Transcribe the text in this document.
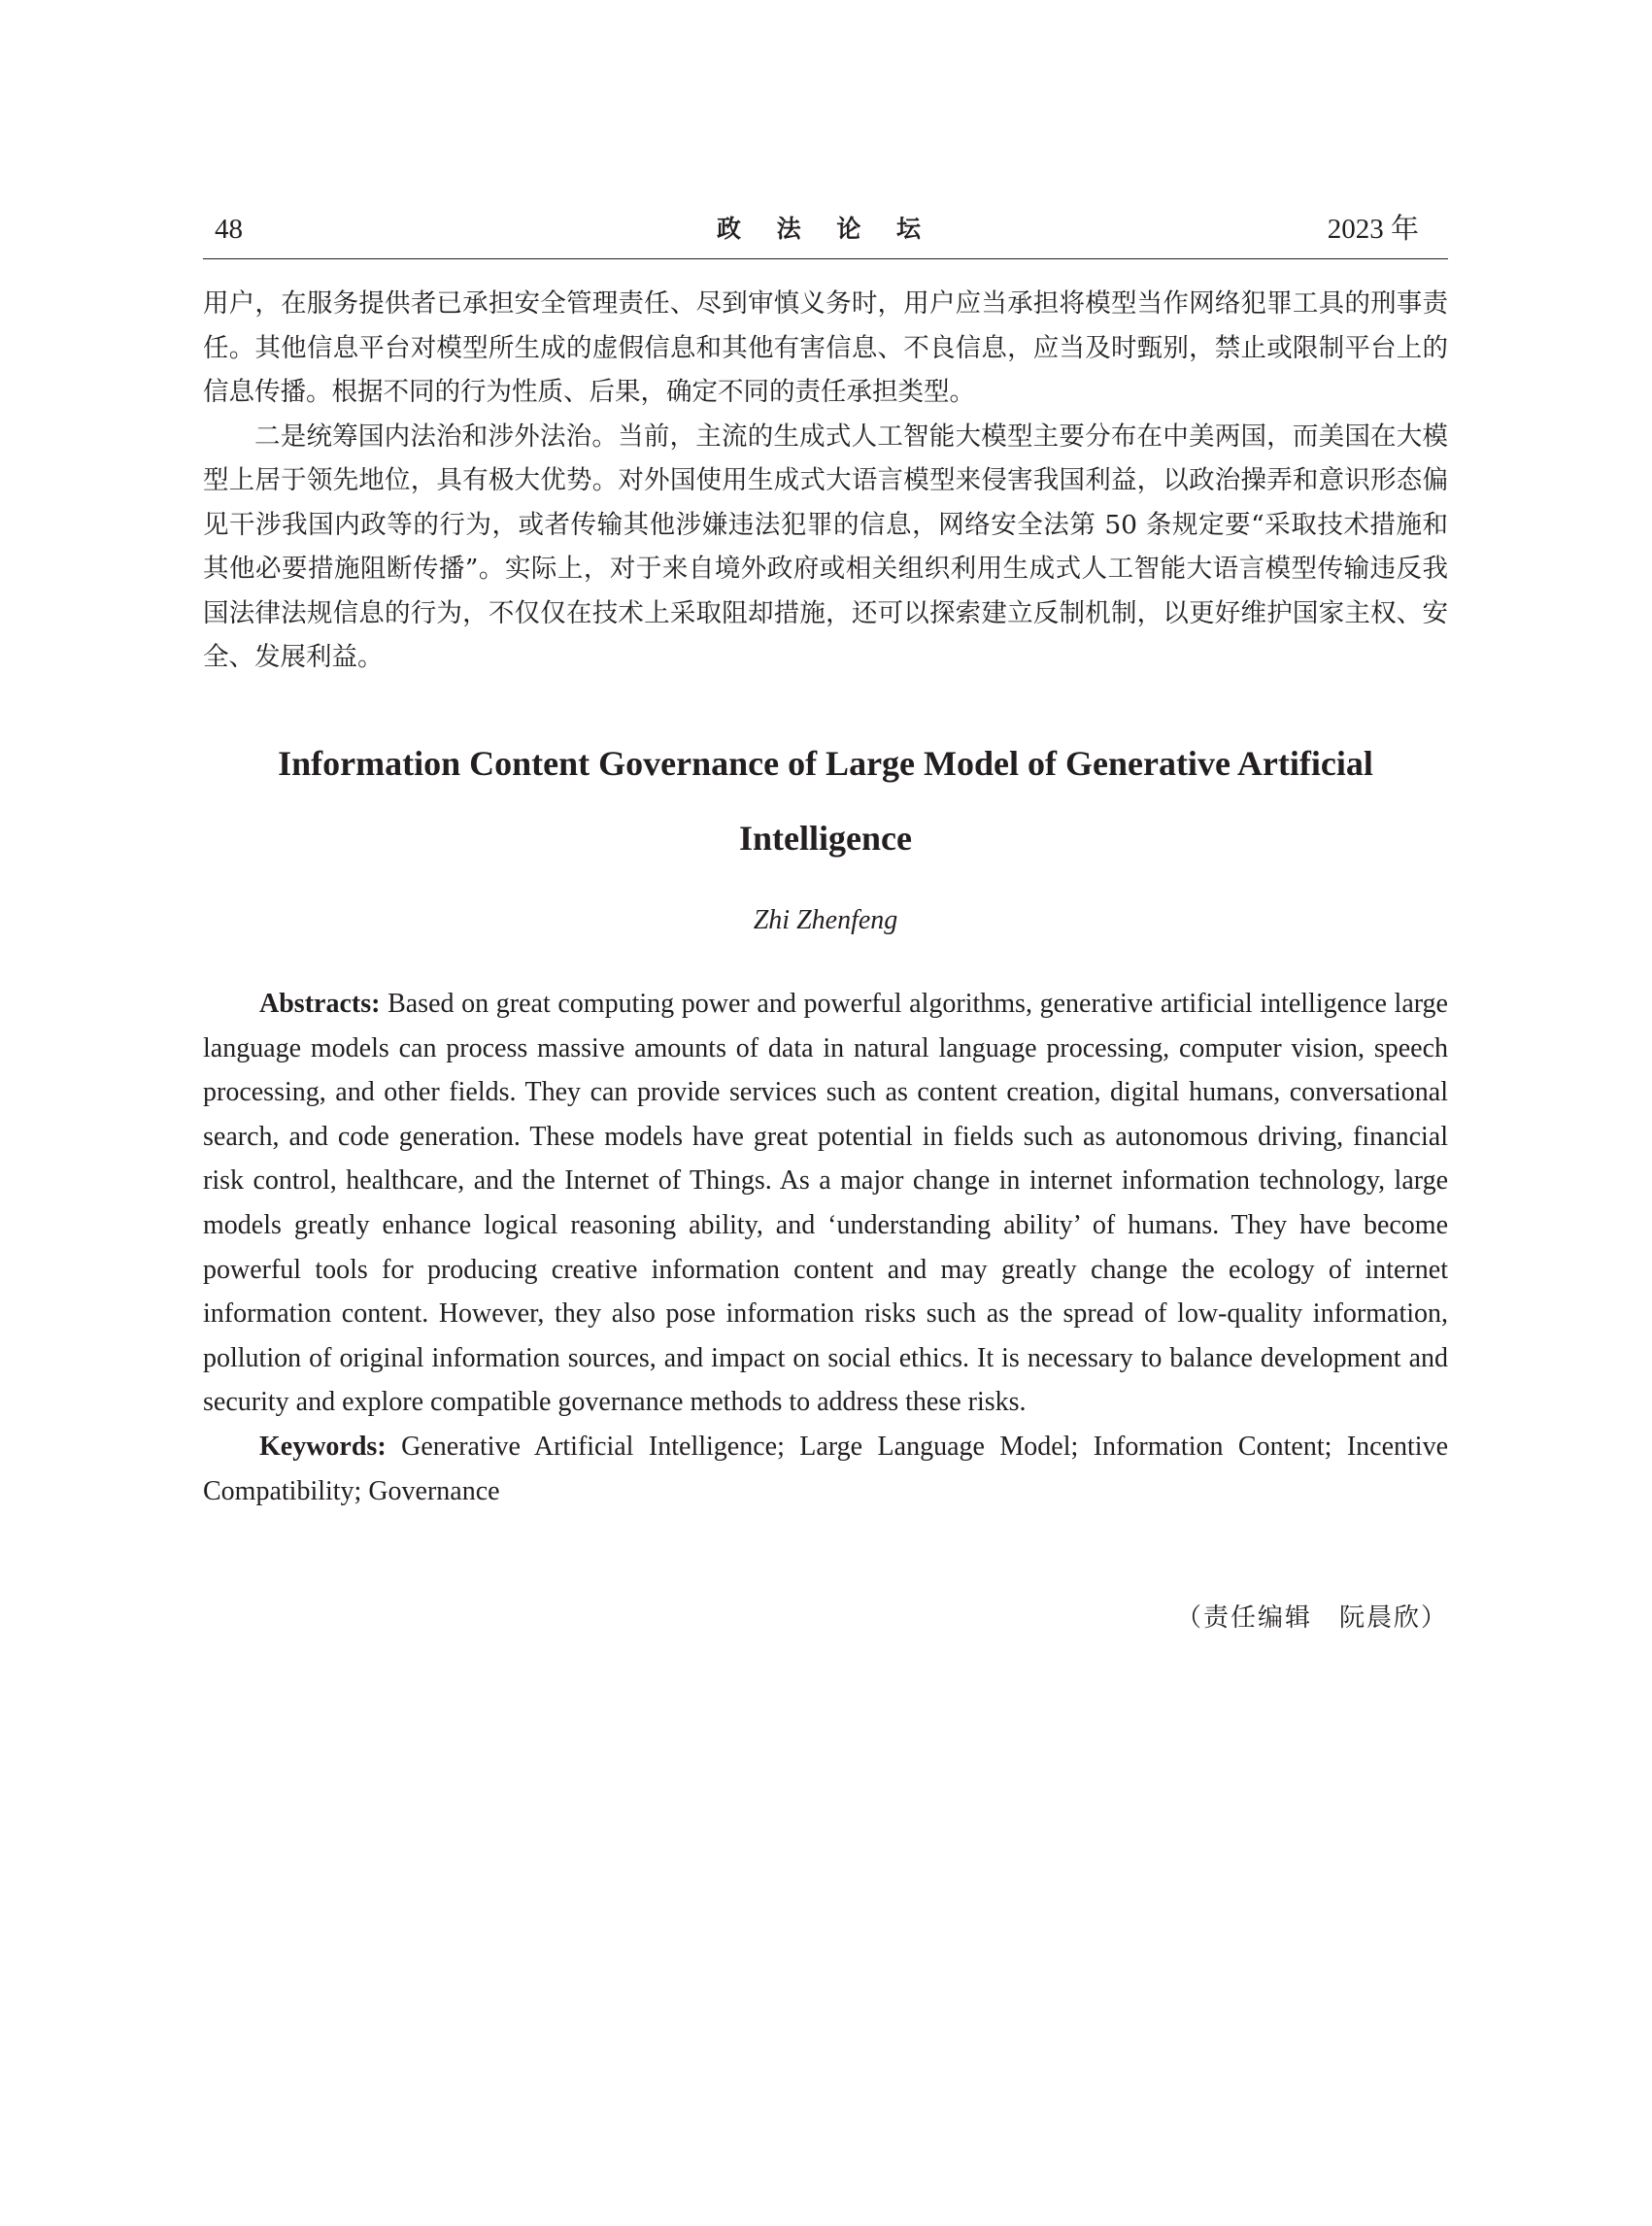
48	政 法 论 坛	2023 年

用户，在服务提供者已承担安全管理责任、尽到审慎义务时，用户应当承担将模型当作网络犯罪工具的刑事责任。其他信息平台对模型所生成的虚假信息和其他有害信息、不良信息，应当及时甄别，禁止或限制平台上的信息传播。根据不同的行为性质、后果，确定不同的责任承担类型。

二是统筹国内法治和涉外法治。当前，主流的生成式人工智能大模型主要分布在中美两国，而美国在大模型上居于领先地位，具有极大优势。对外国使用生成式大语言模型来侵害我国利益，以政治操弄和意识形态偏见干涉我国内政等的行为，或者传输其他涉嫌违法犯罪的信息，网络安全法第 50 条规定要“采取技术措施和其他必要措施阻断传播”。实际上，对于来自境外政府或相关组织利用生成式人工智能大语言模型传输违反我国法律法规信息的行为，不仅仅在技术上采取阻却措施，还可以探索建立反制机制，以更好维护国家主权、安全、发展利益。

Information Content Governance of Large Model of Generative Artificial Intelligence
Zhi Zhenfeng

Abstracts: Based on great computing power and powerful algorithms, generative artificial intelligence large language models can process massive amounts of data in natural language processing, computer vision, speech processing, and other fields. They can provide services such as content creation, digital humans, conversational search, and code generation. These models have great potential in fields such as autonomous driving, financial risk control, healthcare, and the Internet of Things. As a major change in internet information technology, large models greatly enhance logical reasoning ability, and ‘understanding ability’ of humans. They have become powerful tools for producing creative information content and may greatly change the ecology of internet information content. However, they also pose information risks such as the spread of low-quality information, pollution of original information sources, and impact on social ethics. It is necessary to balance development and security and explore compatible governance methods to address these risks.

Keywords: Generative Artificial Intelligence; Large Language Model; Information Content; Incentive Compatibility; Governance

（责任编辑　阮晨欣）
